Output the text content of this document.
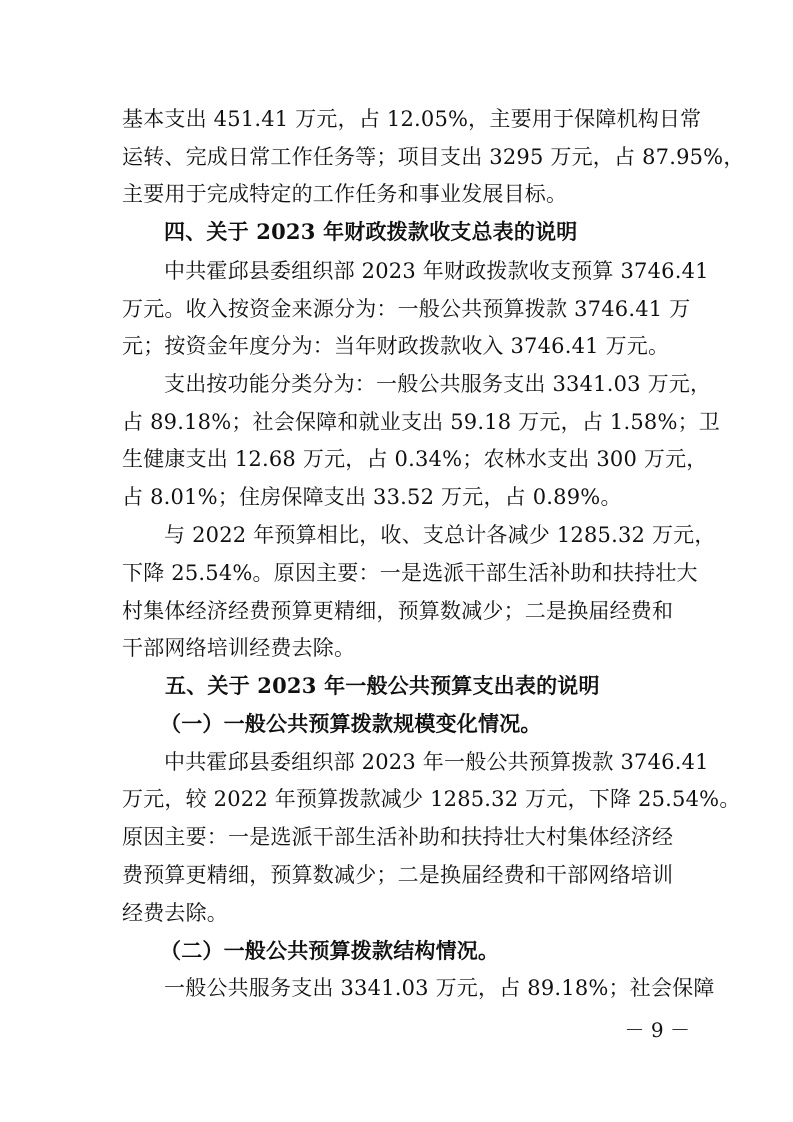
基本支出 451.41 万元，占 12.05%，主要用于保障机构日常
运转、完成日常工作任务等；项目支出 3295 万元，占 87.95%，
主要用于完成特定的工作任务和事业发展目标。
四、关于 2023 年财政拨款收支总表的说明
中共霍邱县委组织部 2023 年财政拨款收支预算 3746.41
万元。收入按资金来源分为：一般公共预算拨款 3746.41 万
元；按资金年度分为：当年财政拨款收入 3746.41 万元。
支出按功能分类分为：一般公共服务支出 3341.03 万元，
占 89.18%；社会保障和就业支出 59.18 万元，占 1.58%；卫
生健康支出 12.68 万元，占 0.34%；农林水支出 300 万元，
占 8.01%；住房保障支出 33.52 万元，占 0.89%。
与 2022 年预算相比，收、支总计各减少 1285.32 万元，
下降 25.54%。原因主要：一是选派干部生活补助和扶持壮大
村集体经济经费预算更精细，预算数减少；二是换届经费和
干部网络培训经费去除。
五、关于 2023 年一般公共预算支出表的说明
（一）一般公共预算拨款规模变化情况。
中共霍邱县委组织部 2023 年一般公共预算拨款 3746.41
万元，较 2022 年预算拨款减少 1285.32 万元，下降 25.54%。
原因主要：一是选派干部生活补助和扶持壮大村集体经济经
费预算更精细，预算数减少；二是换届经费和干部网络培训
经费去除。
（二）一般公共预算拨款结构情况。
一般公共服务支出 3341.03 万元，占 89.18%；社会保障
－ 9 －
